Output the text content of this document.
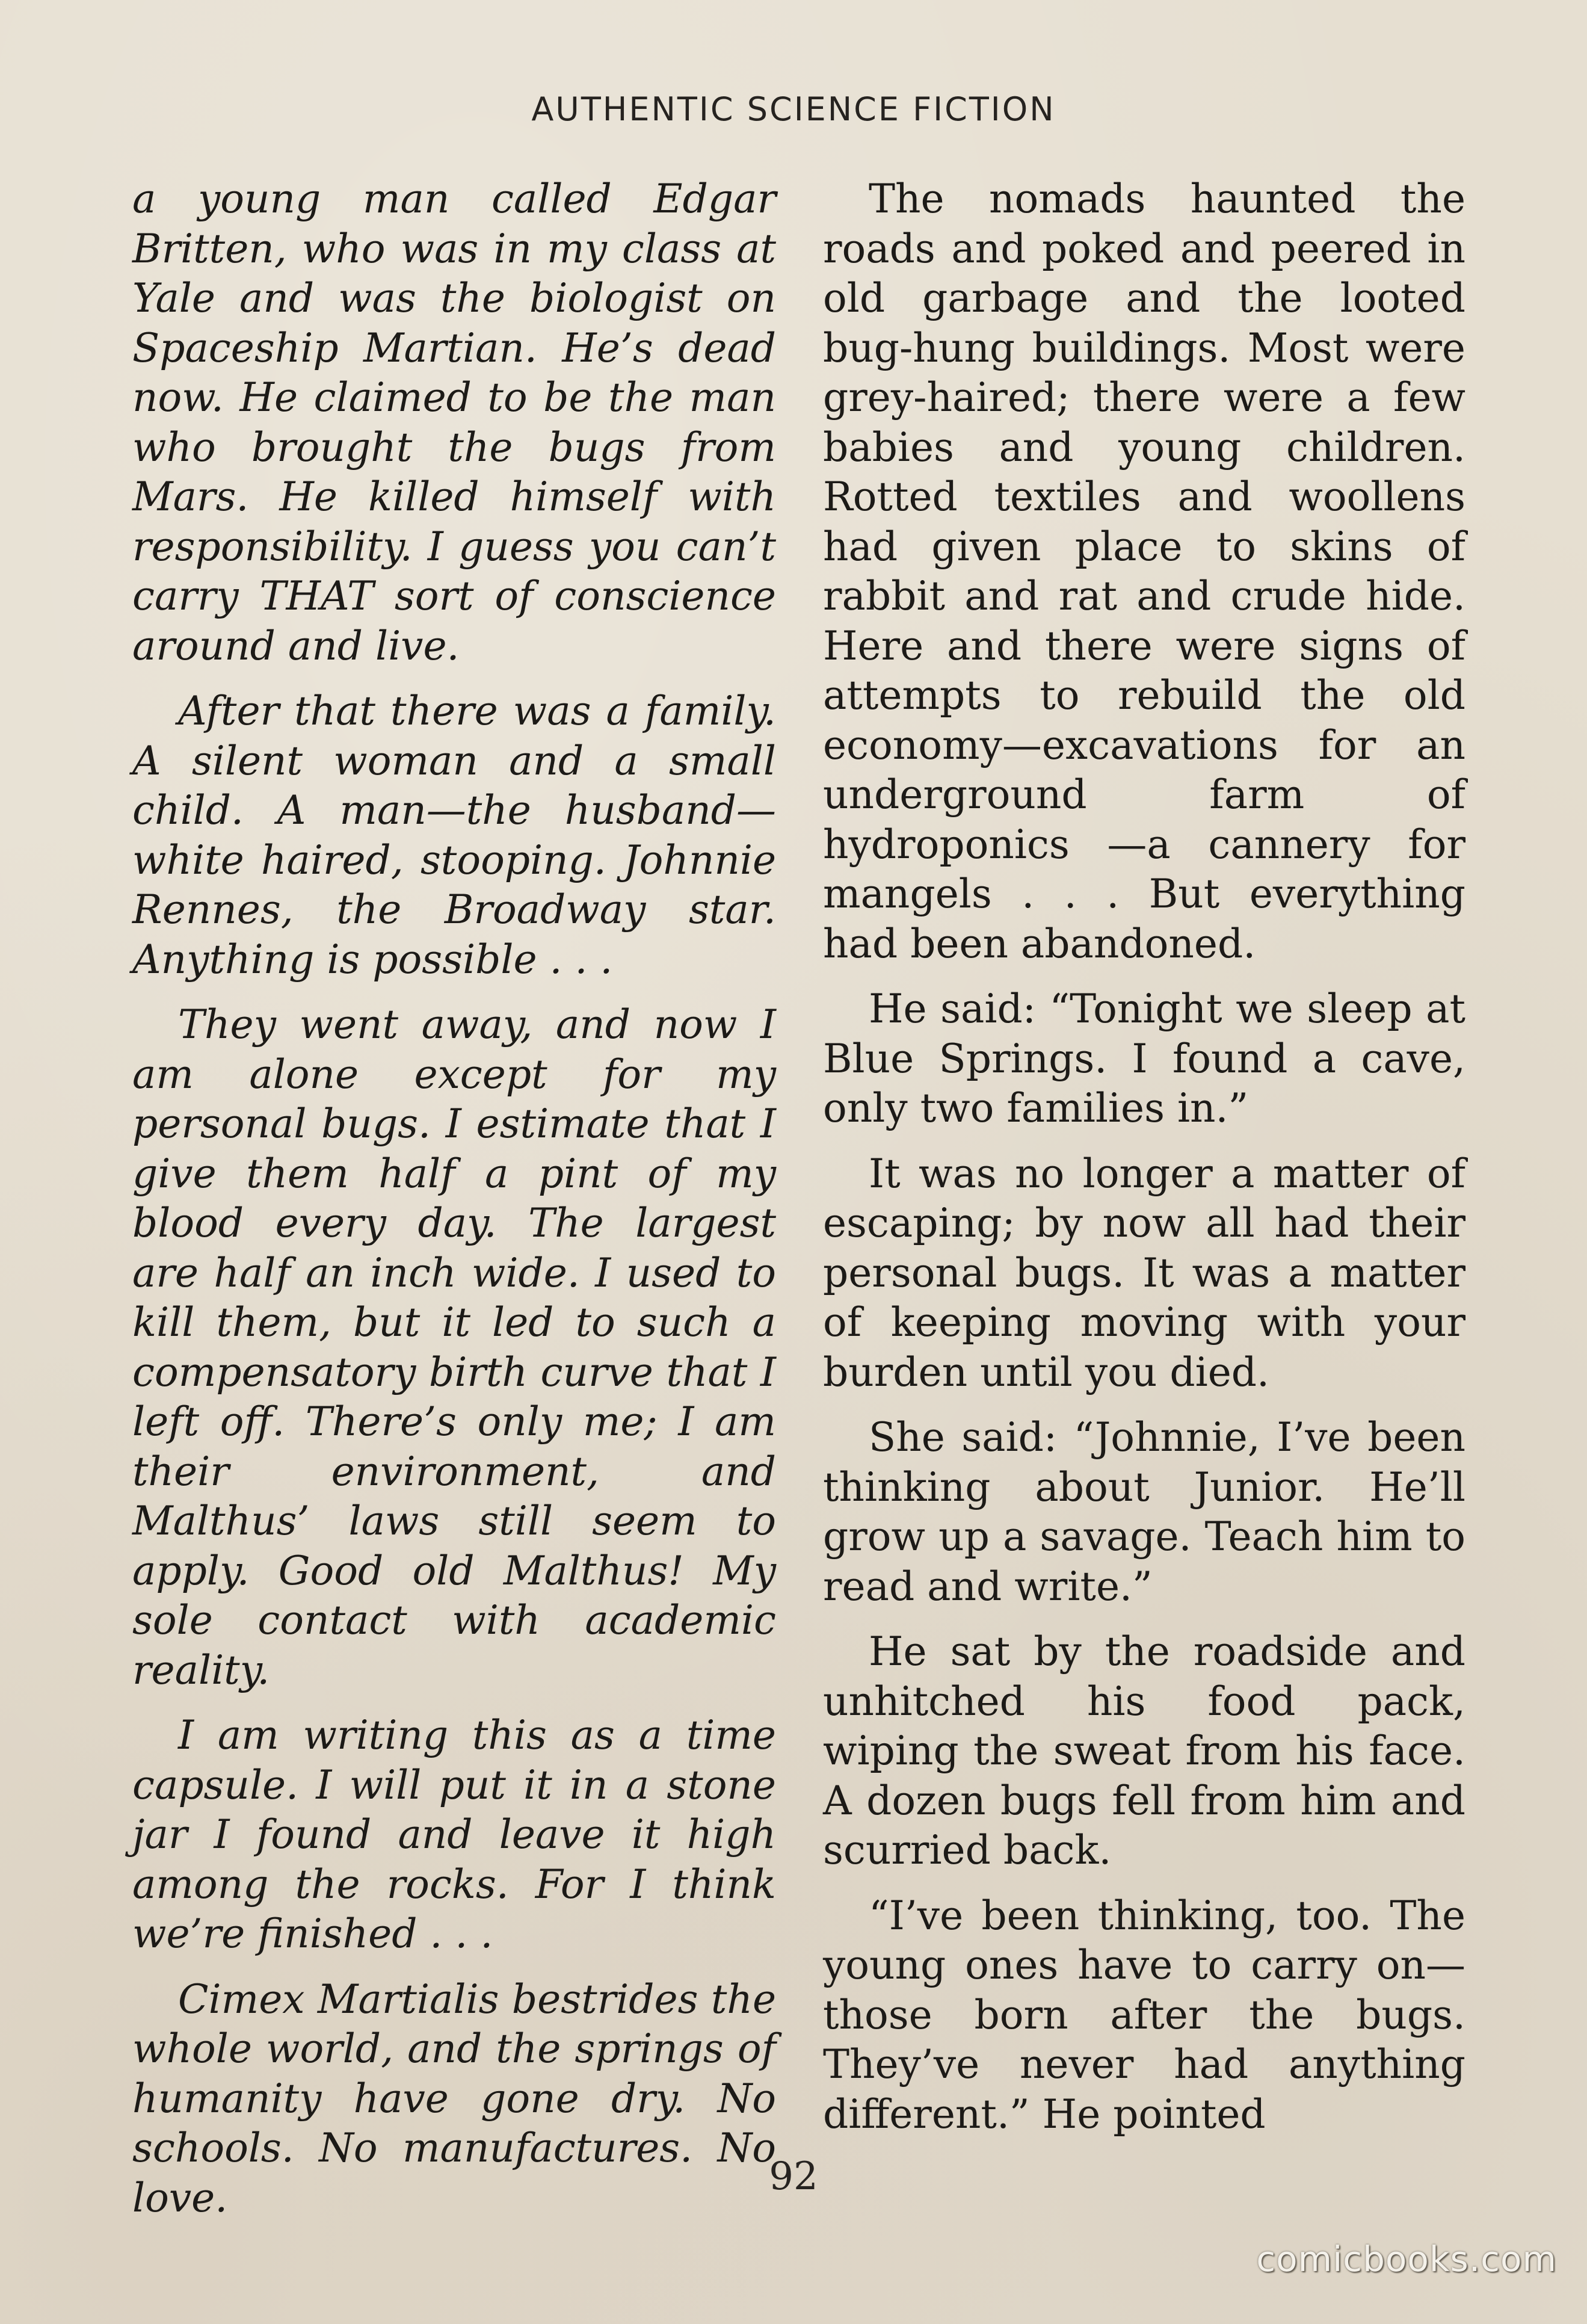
AUTHENTIC SCIENCE FICTION

a young man called Edgar Britten, who was in my class at Yale and was the biologist on Spaceship Martian. He’s dead now. He claimed to be the man who brought the bugs from Mars. He killed himself with responsibility. I guess you can’t carry THAT sort of conscience around and live.

After that there was a family. A silent woman and a small child. A man—the husband—white haired, stooping. Johnnie Rennes, the Broadway star. Anything is possible . . .

They went away, and now I am alone except for my personal bugs. I estimate that I give them half a pint of my blood every day. The largest are half an inch wide. I used to kill them, but it led to such a compensatory birth curve that I left off. There’s only me; I am their environment, and Malthus’ laws still seem to apply. Good old Malthus! My sole contact with academic reality.

I am writing this as a time capsule. I will put it in a stone jar I found and leave it high among the rocks. For I think we’re finished . . .

Cimex Martialis bestrides the whole world, and the springs of humanity have gone dry. No schools. No manufactures. No love.

The nomads haunted the roads and poked and peered in old garbage and the looted bug-hung buildings. Most were grey-haired; there were a few babies and young children. Rotted textiles and woollens had given place to skins of rabbit and rat and crude hide. Here and there were signs of attempts to rebuild the old economy—excavations for an underground farm of hydroponics —a cannery for mangels . . . But everything had been abandoned.

He said: “Tonight we sleep at Blue Springs. I found a cave, only two families in.”

It was no longer a matter of escaping; by now all had their personal bugs. It was a matter of keeping moving with your burden until you died.

She said: “Johnnie, I’ve been thinking about Junior. He’ll grow up a savage. Teach him to read and write.”

He sat by the roadside and unhitched his food pack, wiping the sweat from his face. A dozen bugs fell from him and scurried back.

“I’ve been thinking, too. The young ones have to carry on—those born after the bugs. They’ve never had anything different.” He pointed

92
comicbooks.com
